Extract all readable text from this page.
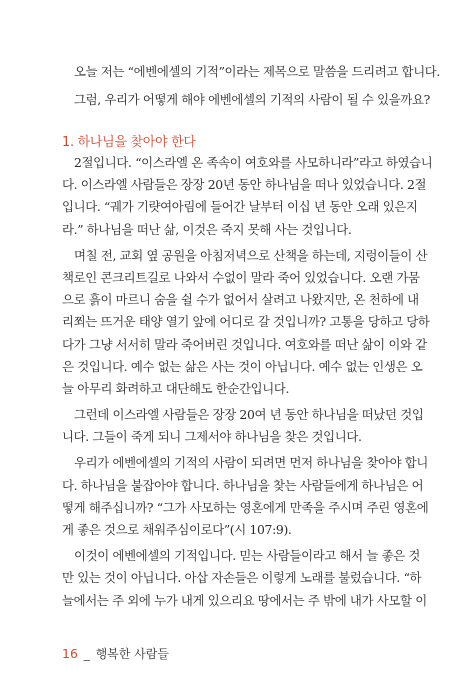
오늘 저는 “에벤에셀의 기적”이라는 제목으로 말씀을 드리려고 합니다.

그럼, 우리가 어떻게 해야 에벤에셀의 기적의 사람이 될 수 있을까요?

1. 하나님을 찾아야 한다
2절입니다. “이스라엘 온 족속이 여호와를 사모하니라”라고 하였습니
다. 이스라엘 사람들은 장장 20년 동안 하나님을 떠나 있었습니다. 2절
입니다. “궤가 기럇여아림에 들어간 날부터 이십 년 동안 오래 있은지
라.” 하나님을 떠난 삶, 이것은 죽지 못해 사는 것입니다.
며칠 전, 교회 옆 공원을 아침저녁으로 산책을 하는데, 지렁이들이 산
책로인 콘크리트길로 나와서 수없이 말라 죽어 있었습니다. 오랜 가뭄
으로 흙이 마르니 숨을 쉴 수가 없어서 살려고 나왔지만, 온 천하에 내
리쬐는 뜨거운 태양 열기 앞에 어디로 갈 것입니까? 고통을 당하고 당하
다가 그냥 서서히 말라 죽어버린 것입니다. 여호와를 떠난 삶이 이와 같
은 것입니다. 예수 없는 삶은 사는 것이 아닙니다. 예수 없는 인생은 오
늘 아무리 화려하고 대단해도 한순간입니다.
그런데 이스라엘 사람들은 장장 20여 년 동안 하나님을 떠났던 것입
니다. 그들이 죽게 되니 그제서야 하나님을 찾은 것입니다.
우리가 에벤에셀의 기적의 사람이 되려면 먼저 하나님을 찾아야 합니
다. 하나님을 붙잡아야 합니다. 하나님을 찾는 사람들에게 하나님은 어
떻게 해주십니까? “그가 사모하는 영혼에게 만족을 주시며 주린 영혼에
게 좋은 것으로 채워주심이로다”(시 107:9).
이것이 에벤에셀의 기적입니다. 믿는 사람들이라고 해서 늘 좋은 것
만 있는 것이 아닙니다. 아삽 자손들은 이렇게 노래를 불렀습니다. “하
늘에서는 주 외에 누가 내게 있으리요 땅에서는 주 밖에 내가 사모할 이
16 _ 행복한 사람들
